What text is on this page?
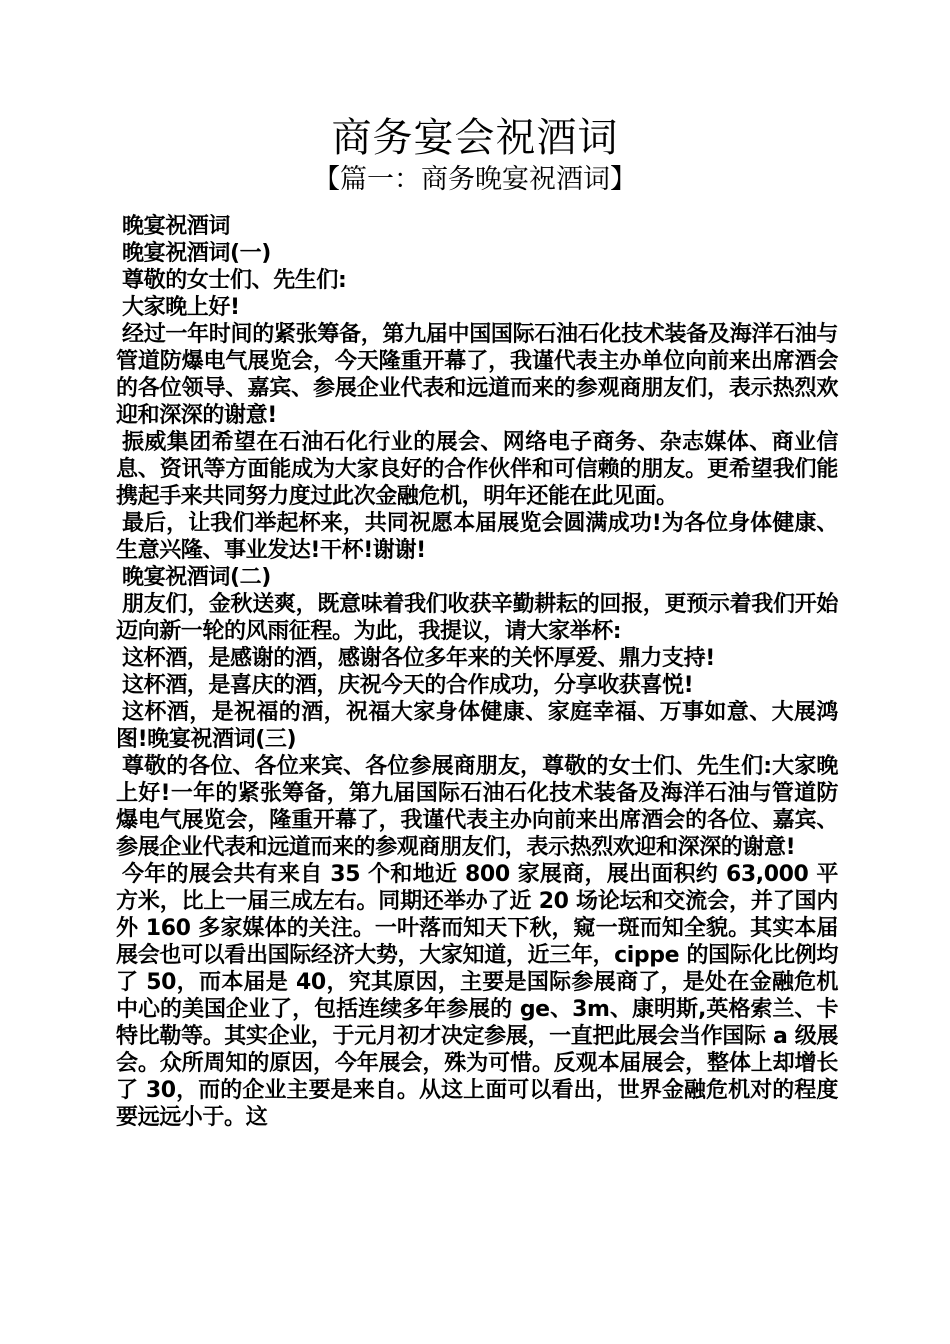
商务宴会祝酒词
【篇一：商务晚宴祝酒词】

晚宴祝酒词

晚宴祝酒词(一)

尊敬的女士们、先生们:

大家晚上好!

经过一年时间的紧张筹备，第九届中国国际石油石化技术装备及海洋石油与管道防爆电气展览会，今天隆重开幕了，我谨代表主办单位向前来出席酒会的各位领导、嘉宾、参展企业代表和远道而来的参观商朋友们，表示热烈欢迎和深深的谢意!

振威集团希望在石油石化行业的展会、网络电子商务、杂志媒体、商业信息、资讯等方面能成为大家良好的合作伙伴和可信赖的朋友。更希望我们能携起手来共同努力度过此次金融危机，明年还能在此见面。

最后，让我们举起杯来，共同祝愿本届展览会圆满成功!为各位身体健康、生意兴隆、事业发达!干杯!谢谢!

晚宴祝酒词(二)

朋友们，金秋送爽，既意味着我们收获辛勤耕耘的回报，更预示着我们开始迈向新一轮的风雨征程。为此，我提议，请大家举杯:

这杯酒，是感谢的酒，感谢各位多年来的关怀厚爱、鼎力支持!

这杯酒，是喜庆的酒，庆祝今天的合作成功，分享收获喜悦!

这杯酒，是祝福的酒，祝福大家身体健康、家庭幸福、万事如意、大展鸿图!晚宴祝酒词(三)

尊敬的各位、各位来宾、各位参展商朋友，尊敬的女士们、先生们:大家晚上好!一年的紧张筹备，第九届国际石油石化技术装备及海洋石油与管道防爆电气展览会，隆重开幕了，我谨代表主办向前来出席酒会的各位、嘉宾、参展企业代表和远道而来的参观商朋友们，表示热烈欢迎和深深的谢意!

今年的展会共有来自 35 个和地近 800 家展商，展出面积约 63,000 平方米，比上一届三成左右。同期还举办了近 20 场论坛和交流会，并了国内外 160 多家媒体的关注。一叶落而知天下秋，窥一斑而知全貌。其实本届展会也可以看出国际经济大势，大家知道，近三年，cippe 的国际化比例均了 50，而本届是 40，究其原因，主要是国际参展商了，是处在金融危机中心的美国企业了，包括连续多年参展的 ge、3m、康明斯,英格索兰、卡特比勒等。其实企业，于元月初才决定参展，一直把此展会当作国际 a 级展会。众所周知的原因，今年展会，殊为可惜。反观本届展会，整体上却增长了 30，而的企业主要是来自。从这上面可以看出，世界金融危机对的程度要远远小于。这
